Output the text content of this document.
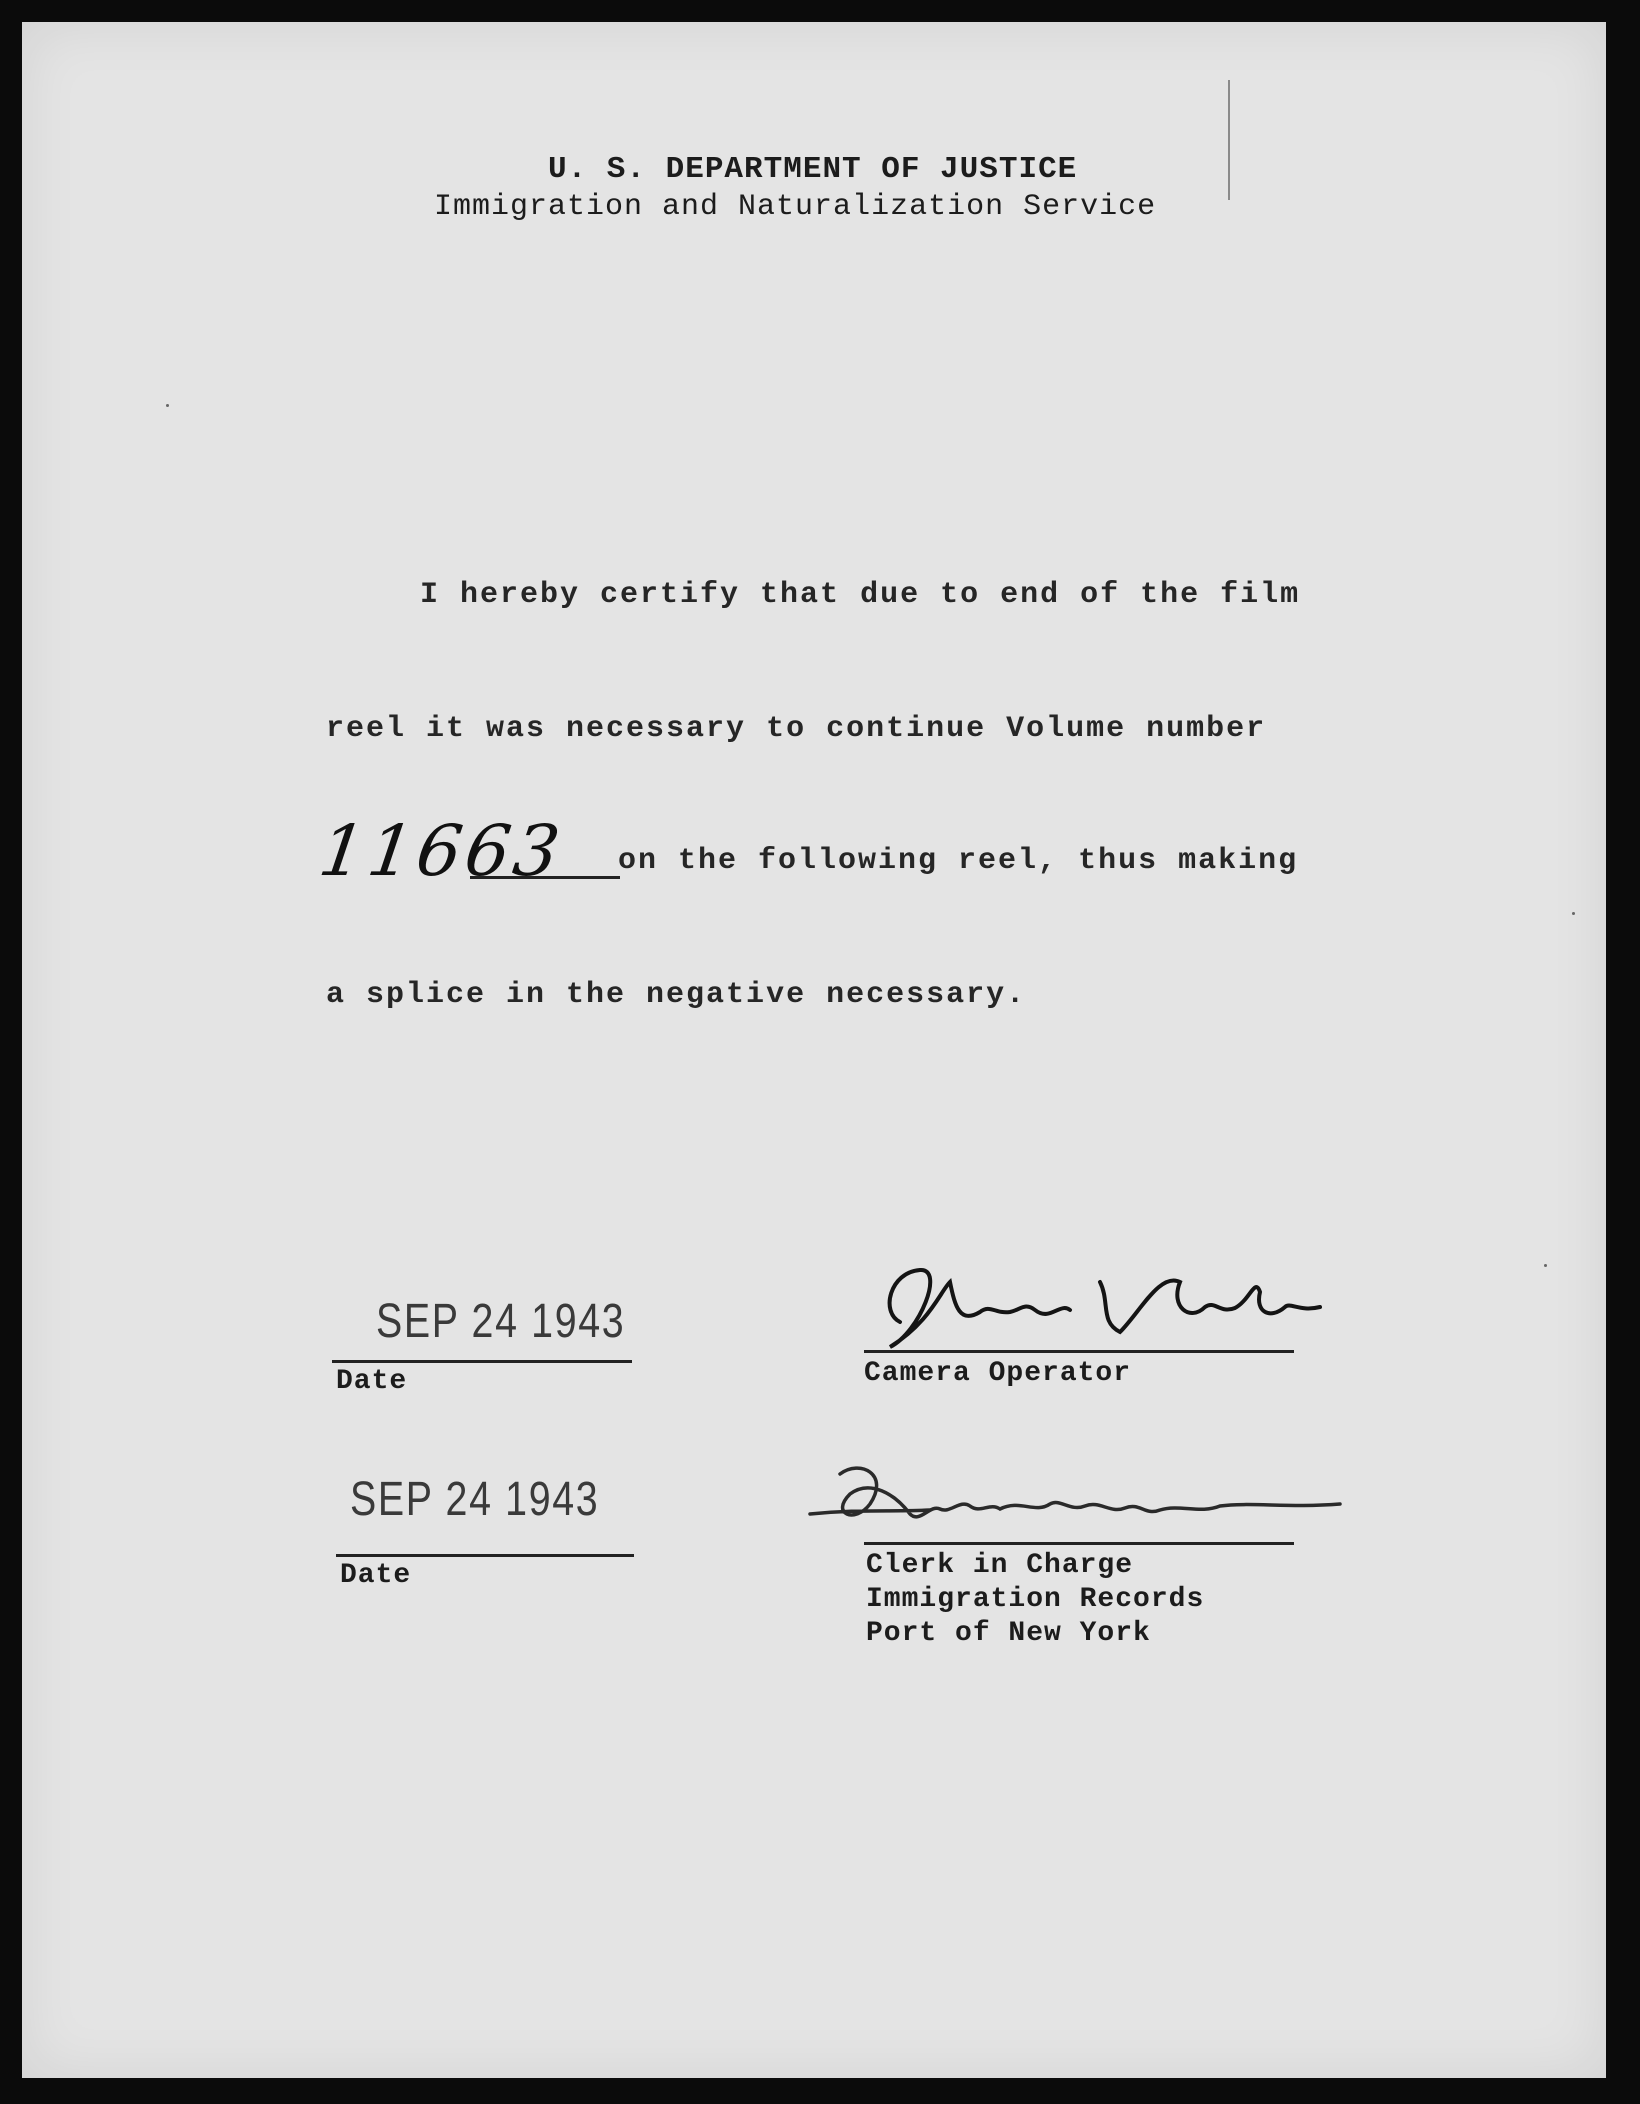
U. S. DEPARTMENT OF JUSTICE

Immigration and Naturalization Service

I hereby certify that due to end of the film

reel it was necessary to continue Volume number

11663 on the following reel, thus making

a splice in the negative necessary.

SEP 24 1943

Date	Camera Operator

SEP 24 1943

Date	Clerk in Charge

Immigration Records

Port of New York
